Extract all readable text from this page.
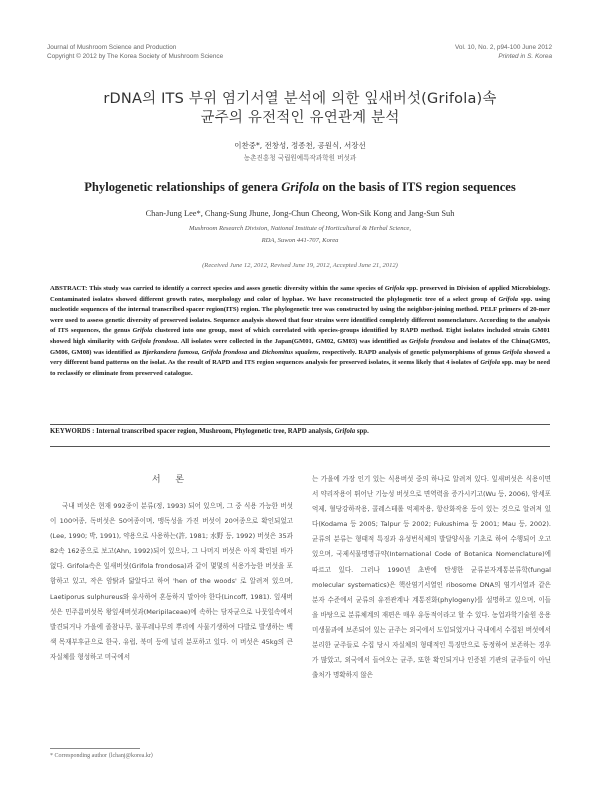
Journal of Mushroom Science and Production
Copyright © 2012 by The Korea Society of Mushroom Science
Vol. 10, No. 2, p94-100 June 2012
Printed in S. Korea
rDNA의 ITS 부위 염기서열 분석에 의한 잎새버섯(Grifola)속
균주의 유전적인 유연관계 분석
이찬중*, 전창성, 정종천, 공원식, 서장선
농촌진흥청 국립원예특작과학원 버섯과
Phylogenetic relationships of genera Grifola on the basis of ITS region sequences
Chan-Jung Lee*, Chang-Sung Jhune, Jong-Chun Cheong, Won-Sik Kong and Jang-Sun Suh
Mushroom Research Division, National Institute of Horticultural & Herbal Science,
RDA, Suwon 441-707, Korea
(Received June 12, 2012, Revised June 19, 2012, Accepted June 21, 2012)
ABSTRACT: This study was carried to identify a correct species and asses genetic diversity within the same species of Grifola spp. preserved in Division of applied Microbiology. Contaminated isolates showed different growth rates, morphology and color of hyphae. We have reconstructed the phylogenetic tree of a select group of Grifola spp. using nucleotide sequences of the internal transcribed spacer region(ITS) region. The phylogenetic tree was constructed by using the neighbor-joining method. PELF primers of 20-mer were used to assess genetic diversity of preserved isolates. Sequence analysis showed that four strains were identified completely different nomenclature. According to the analysis of ITS sequences, the genus Grifola clustered into one group, most of which correlated with species-groups identified by RAPD method. Eight isolates included strain GM01 showed high similarity with Grifola frondosa. All isolates were collected in the Japan(GM01, GM02, GM03) was identified as Grifola frondosa and isolates of the China(GM05, GM06, GM08) was identified as Bjerkandera fumosa, Grifola frondosa and Dichomitus squalens, respectively. RAPD analysis of genetic polymorphisms of genus Grifola showed a very different band patterns on the isolat. As the result of RAPD and ITS region sequences analysis for preserved isolates, it seems likely that 4 isolates of Grifola spp. may be need to reclassify or eliminate from preserved catalogue.
KEYWORDS : Internal transcribed spacer region, Mushroom, Phylogenetic tree, RAPD analysis, Grifola spp.
서 론

국내 버섯은 현재 992종이 분류(정, 1993) 되어 있으며, 그 중 식용 가능한 버섯이 100여종, 독버섯은 50여종이며, 맹독성을 가진 버섯이 20여종으로 확인되었고(Lee, 1990; 박, 1991), 약용으로 사용하는(許, 1981; 水野 등, 1992) 버섯은 35과 82속 162종으로 보고(Ahn, 1992)되어 있으나, 그 나머지 버섯은 아직 확인된 바가 없다. Grifola속은 잎새버섯(Grifola frondosa)과 같이 몇몇의 식용가능한 버섯을 포함하고 있고, 작은 암탉과 닮았다고 하여 'hen of the woods' 로 알려져 있으며, Laetiporus sulphureus와 유사하여 혼동하지 말아야 한다(Lincoff, 1981). 잎새버섯은 민주름버섯목 왕잎새버섯과(Meripilaceae)에 속하는 담자균으로 나뭇잎속에서 발견되거나 가을에 졸참나무, 물푸레나무의 뿌리에 사물기생하여 다발로 발생하는 백색 목재부후균으로 한국, 유럽, 북미 등에 널리 분포하고 있다. 이 버섯은 45kg의 큰 자실체를 형성하고 미국에서

는 가을에 가장 인기 있는 식용버섯 중의 하나로 알려져 있다. 잎새버섯은 식용이면서 약리작용이 뛰어난 기능성 버섯으로 면역력을 증가시키고(Wu 등, 2006), 암세포억제, 혈당강하작용, 콜레스테롤 억제작용, 항산화작용 등이 있는 것으로 알려져 있다(Kodama 등 2005; Talpur 등 2002; Fukushima 등 2001; Mau 등, 2002). 균류의 분류는 형태적 특징과 유성번식체의 발달양식을 기초로 하여 수행되어 오고 있으며, 국제식물명명규약(International Code of Botanica Nomenclature)에 따르고 있다. 그러나 1990년 초반에 탄생한 균류분자계통분류학(fungal molecular systematics)은 핵산염기서열인 ribosome DNA의 염기서열과 같은 분자 수준에서 균류의 유전관계나 계통진화(phylogeny)를 설명하고 있으며, 이들을 바탕으로 분류체계의 재편은 매우 유동적이라고 할 수 있다. 농업과학기술원 응용미생물과에 보존되어 있는 균주는 외국에서 도입되었거나 국내에서 수집된 버섯에서 분리한 균주들로 수집 당시 자실체의 형태적인 특징만으로 동정하여 보존하는 경우가 많았고, 외국에서 들여오는 균주, 또한 확인되거나 인증된 기관의 균주들이 아닌 출처가 명확하지 않은

* Corresponding author ⟨lchanj@korea.kr⟩
